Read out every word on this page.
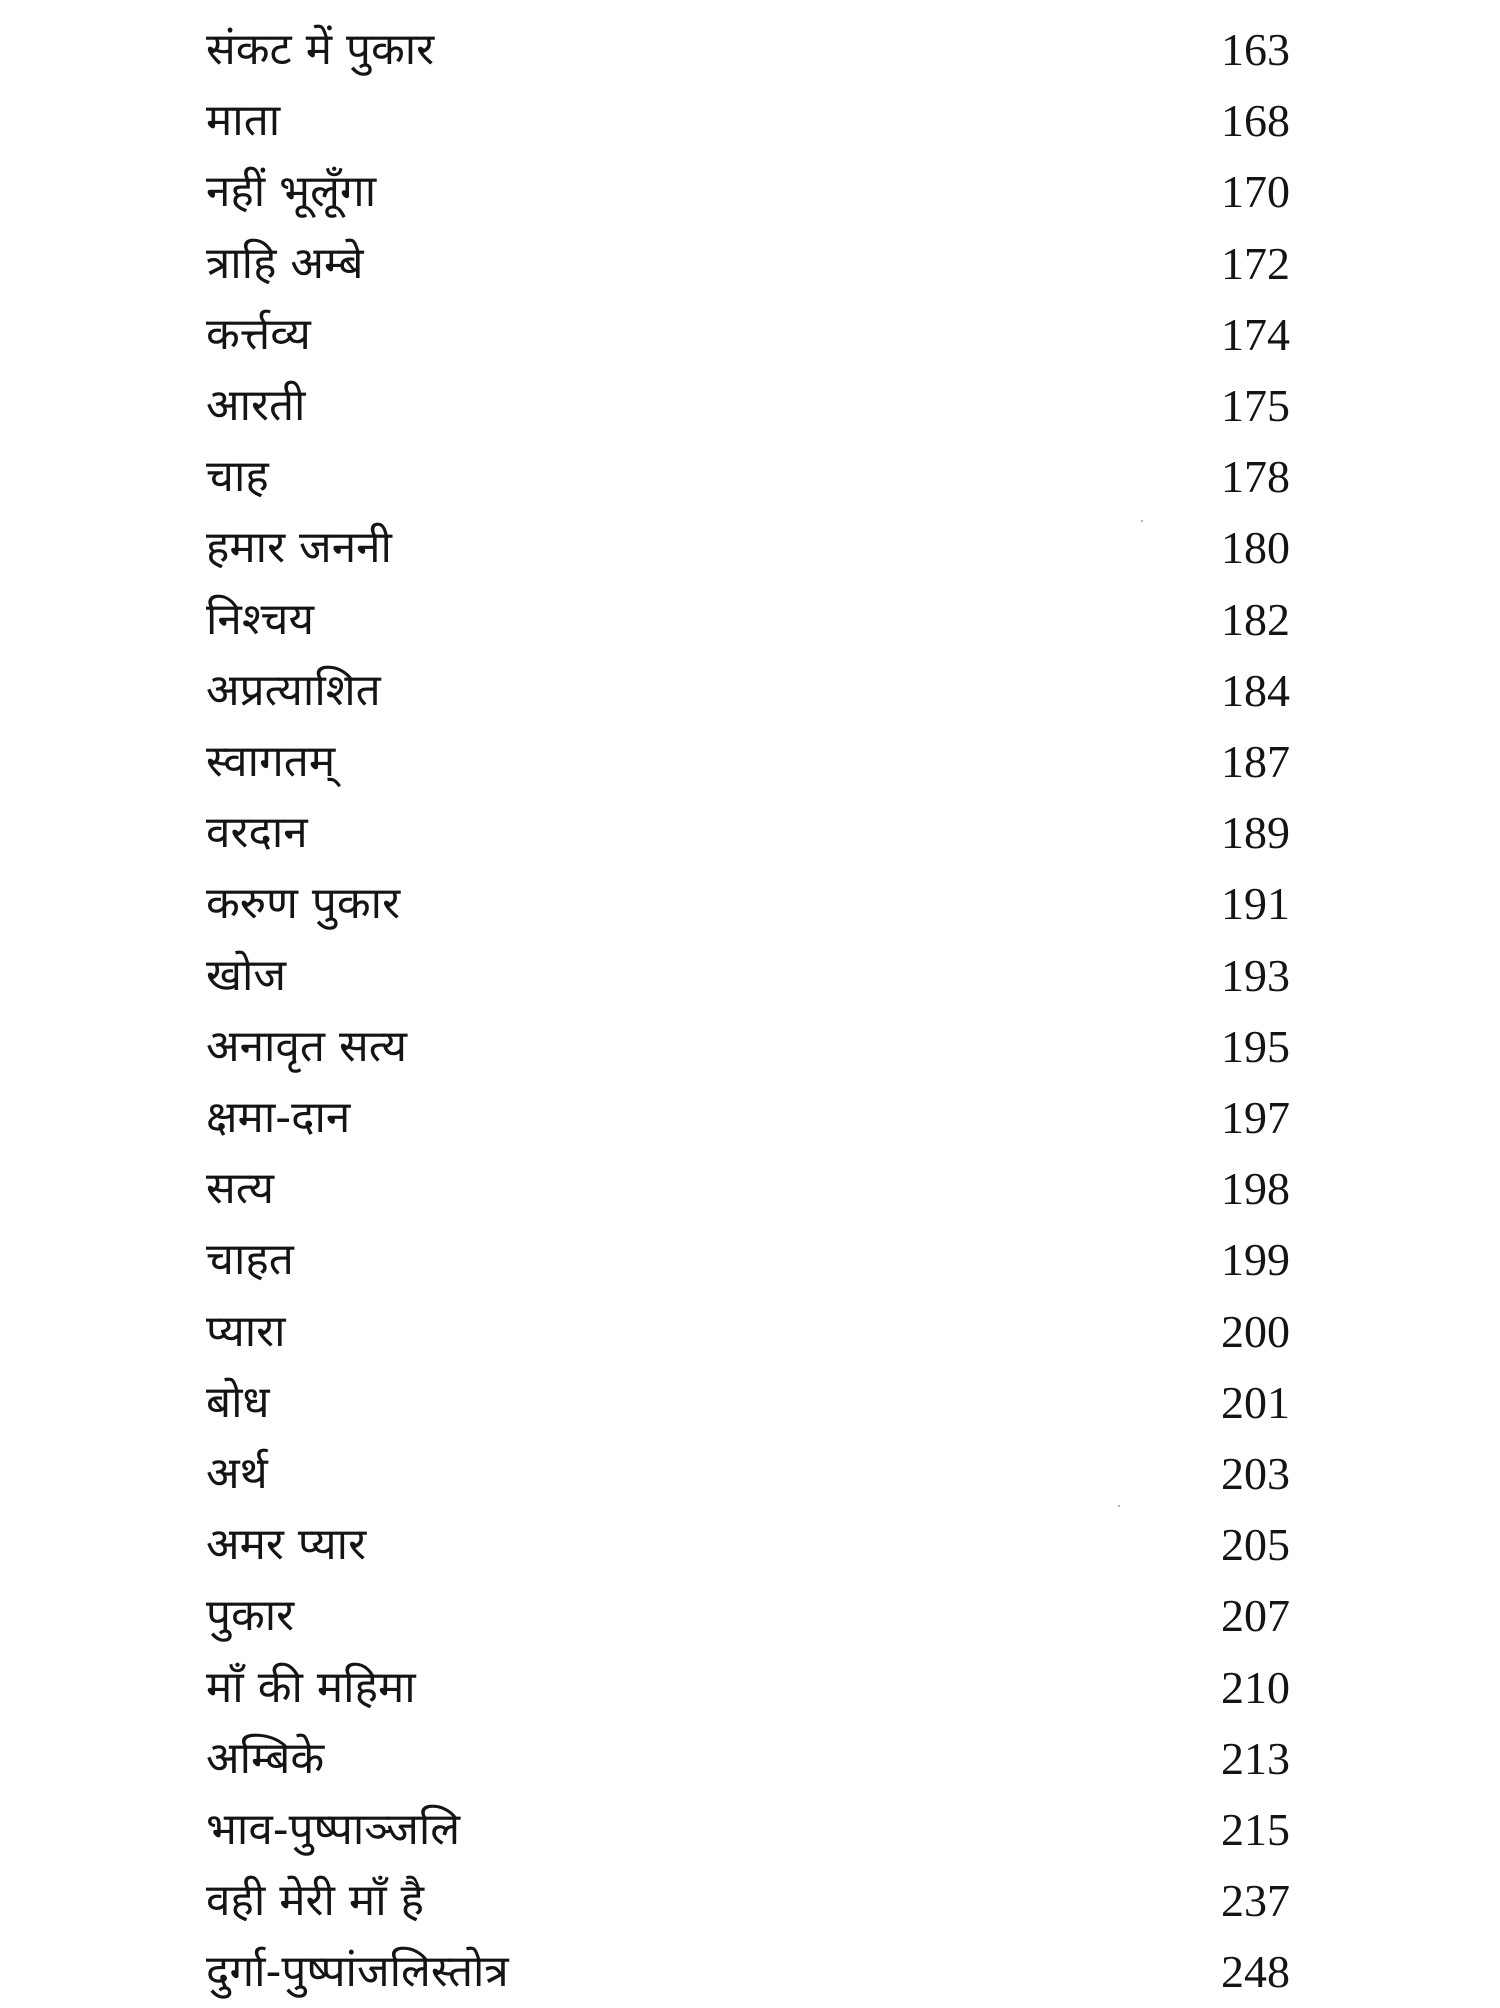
संकट में पुकार	163
माता	168
नहीं भूलूँगा	170
त्राहि अम्बे	172
कर्त्तव्य	174
आरती	175
चाह	178
हमार जननी	180
निश्चय	182
अप्रत्याशित	184
स्वागतम्	187
वरदान	189
करुण पुकार	191
खोज	193
अनावृत सत्य	195
क्षमा-दान	197
सत्य	198
चाहत	199
प्यारा	200
बोध	201
अर्थ	203
अमर प्यार	205
पुकार	207
माँ की महिमा	210
अम्बिके	213
भाव-पुष्पाञ्जलि	215
वही मेरी माँ है	237
दुर्गा-पुष्पांजलिस्तोत्र	248
